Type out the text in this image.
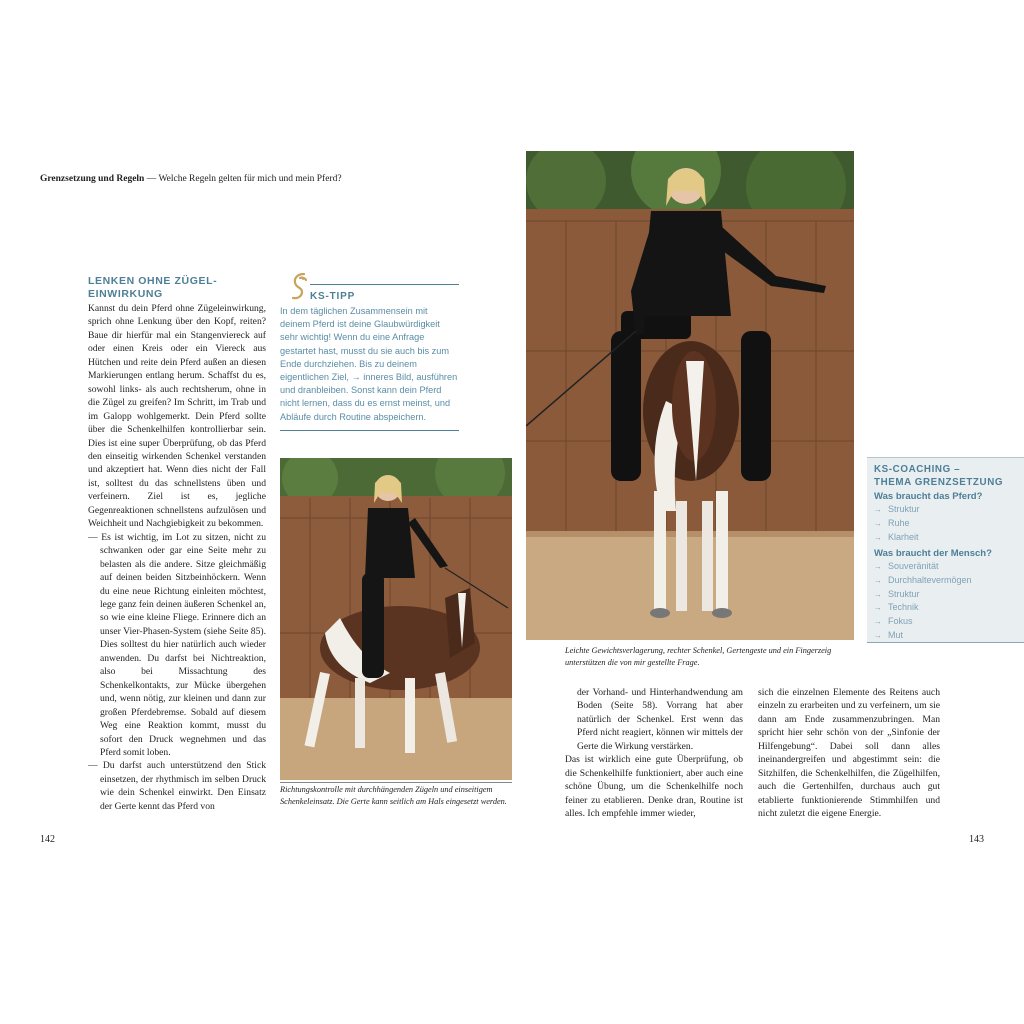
Grenzsetzung und Regeln — Welche Regeln gelten für mich und mein Pferd?
LENKEN OHNE ZÜGEL-
EINWIRKUNG

Kannst du dein Pferd ohne Zügeleinwirkung, sprich ohne Lenkung über den Kopf, reiten? Baue dir hierfür mal ein Stangenviereck auf oder einen Kreis oder ein Viereck aus Hütchen und reite dein Pferd außen an diesen Markierungen entlang herum. Schaffst du es, sowohl links- als auch rechtsherum, ohne in die Zügel zu greifen? Im Schritt, im Trab und im Galopp wohlgemerkt. Dein Pferd sollte über die Schenkelhilfen kontrollierbar sein. Dies ist eine super Überprüfung, ob das Pferd den einseitig wirkenden Schenkel verstanden und akzeptiert hat. Wenn dies nicht der Fall ist, solltest du das schnellstens üben und verfeinern. Ziel ist es, jegliche Gegenreaktionen schnellstens aufzulösen und Weichheit und Nachgiebigkeit zu bekommen.

— Es ist wichtig, im Lot zu sitzen, nicht zu schwanken oder gar eine Seite mehr zu belasten als die andere. Sitze gleichmäßig auf deinen beiden Sitzbeinhöckern. Wenn du eine neue Richtung einleiten möchtest, lege ganz fein deinen äußeren Schenkel an, so wie eine kleine Fliege. Erinnere dich an unser Vier-Phasen-System (siehe Seite 85). Dies solltest du hier natürlich auch wieder anwenden. Du darfst bei Nichtreaktion, also bei Missachtung des Schenkelkontakts, zur Mücke übergehen und, wenn nötig, zur kleinen und dann zur großen Pferdebremse. Sobald auf diesem Weg eine Reaktion kommt, musst du sofort den Druck wegnehmen und das Pferd somit loben.

— Du darfst auch unterstützend den Stick einsetzen, der rhythmisch im selben Druck wie dein Schenkel einwirkt. Den Einsatz der Gerte kennt das Pferd von

KS-TIPP
In dem täglichen Zusammensein mit deinem Pferd ist deine Glaubwürdigkeit sehr wichtig! Wenn du eine Anfrage gestartet hast, musst du sie auch bis zum Ende durchziehen. Bis zu deinem eigentlichen Ziel, → inneres Bild, ausführen und dranbleiben. Sonst kann dein Pferd nicht lernen, dass du es ernst meinst, und Abläufe durch Routine abspeichern.
Leichte Gewichtsverlagerung, rechter Schenkel, Gertengeste und ein Fingerzeig unterstützen die von mir gestellte Frage.
Richtungskontrolle mit durchhängenden Zügeln und einseitigem Schenkeleinsatz. Die Gerte kann seitlich am Hals eingesetzt werden.
KS-COACHING –
THEMA GRENZSETZUNG
Was braucht das Pferd?
→ Struktur
→ Ruhe
→ Klarheit
Was braucht der Mensch?
→ Souveränität
→ Durchhaltevermögen
→ Struktur
→ Technik
→ Fokus
→ Mut

der Vorhand- und Hinterhandwendung am Boden (Seite 58). Vorrang hat aber natürlich der Schenkel. Erst wenn das Pferd nicht reagiert, können wir mittels der Gerte die Wirkung verstärken.

Das ist wirklich eine gute Überprüfung, ob die Schenkelhilfe funktioniert, aber auch eine schöne Übung, um die Schenkelhilfe noch feiner zu etablieren. Denke dran, Routine ist alles. Ich empfehle immer wieder,

sich die einzelnen Elemente des Reitens auch einzeln zu erarbeiten und zu verfeinern, um sie dann am Ende zusammenzubringen. Man spricht hier sehr schön von der „Sinfonie der Hilfengebung“. Dabei soll dann alles ineinandergreifen und abgestimmt sein: die Sitzhilfen, die Schenkelhilfen, die Zügelhilfen, auch die Gertenhilfen, durchaus auch gut etablierte funktionierende Stimmhilfen und nicht zuletzt die eigene Energie.

142	143
